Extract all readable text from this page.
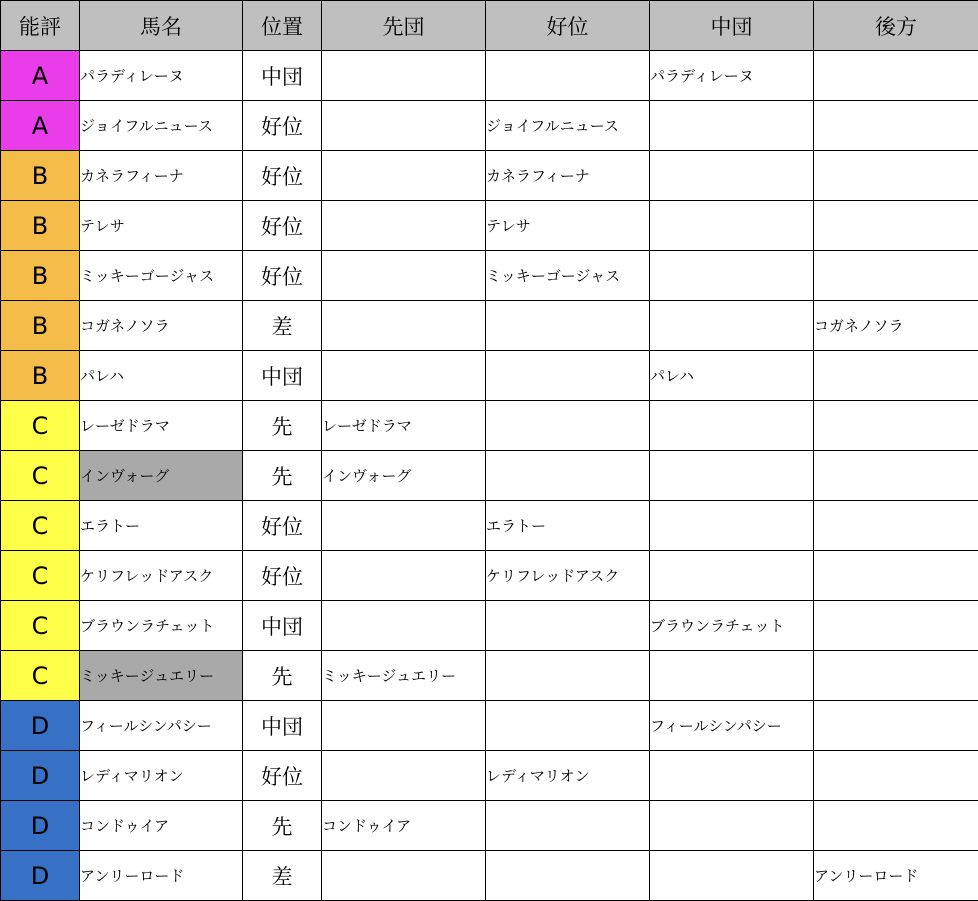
能評	馬名	位置	先団	好位	中団	後方
A	パラディレーヌ	中団			パラディレーヌ	
A	ジョイフルニュース	好位		ジョイフルニュース		
B	カネラフィーナ	好位		カネラフィーナ		
B	テレサ	好位		テレサ		
B	ミッキーゴージャス	好位		ミッキーゴージャス		
B	コガネノソラ	差				コガネノソラ
B	パレハ	中団			パレハ	
C	レーゼドラマ	先	レーゼドラマ			
C	インヴォーグ	先	インヴォーグ			
C	エラトー	好位		エラトー		
C	ケリフレッドアスク	好位		ケリフレッドアスク		
C	ブラウンラチェット	中団			ブラウンラチェット	
C	ミッキージュエリー	先	ミッキージュエリー			
D	フィールシンパシー	中団			フィールシンパシー	
D	レディマリオン	好位		レディマリオン		
D	コンドゥイア	先	コンドゥイア			
D	アンリーロード	差				アンリーロード
